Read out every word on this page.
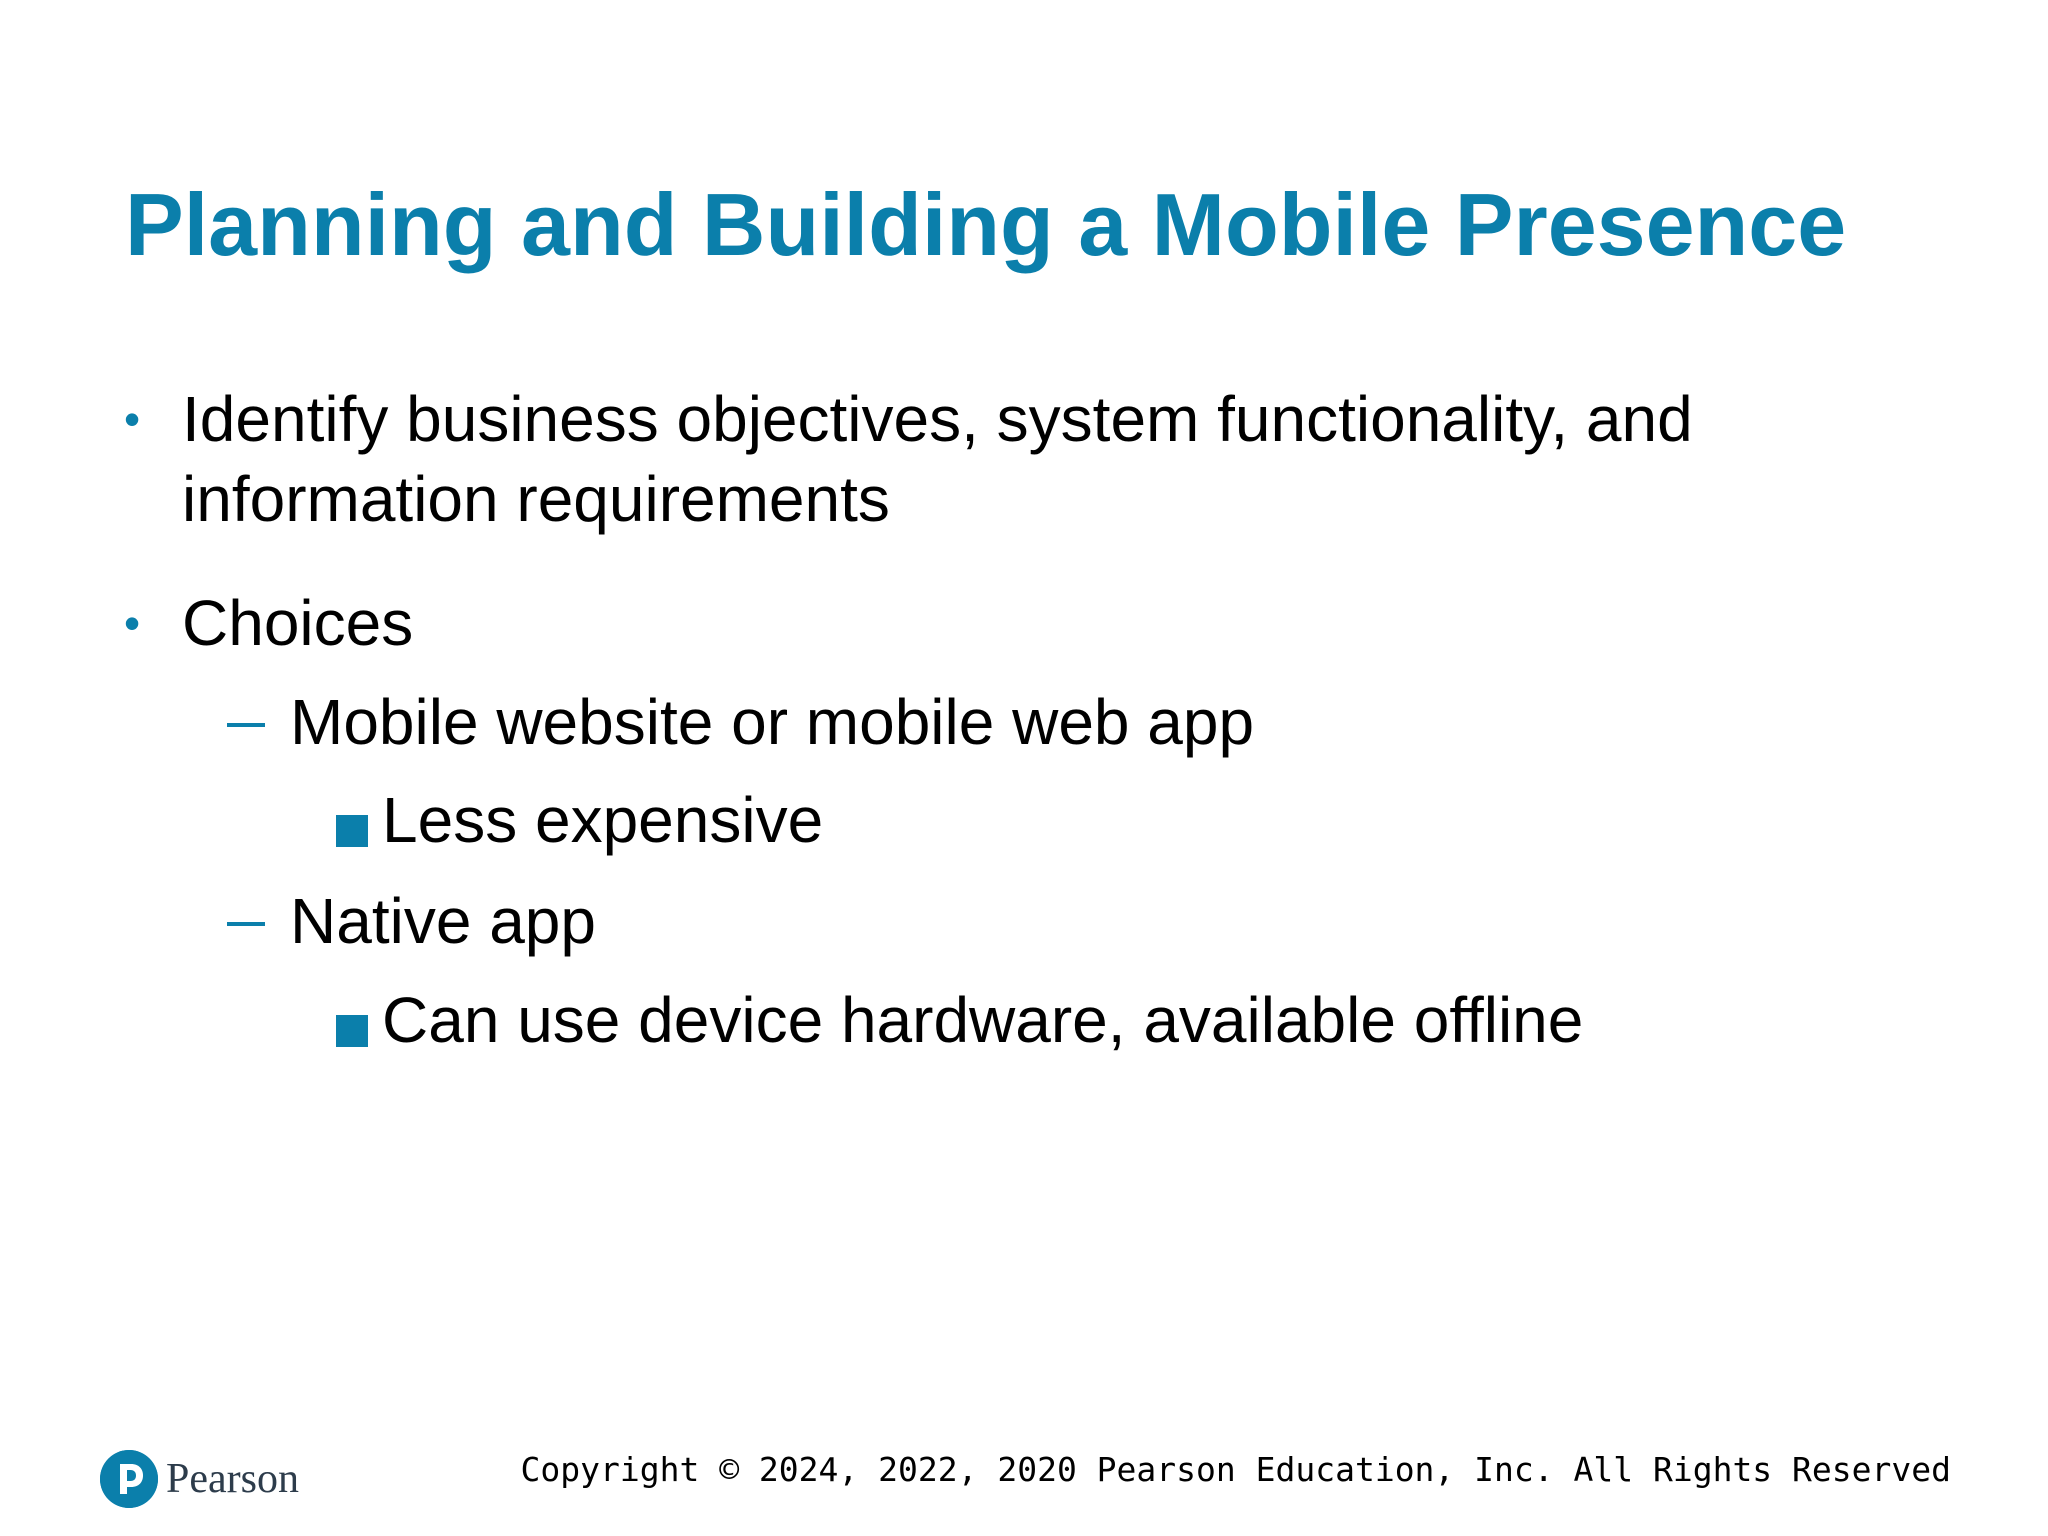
Planning and Building a Mobile Presence
• Identify business objectives, system functionality, and
information requirements
• Choices
Mobile website or mobile web app
Less expensive
Native app
Can use device hardware, available offline
Pearson	Copyright © 2024, 2022, 2020 Pearson Education, Inc. All Rights Reserved
